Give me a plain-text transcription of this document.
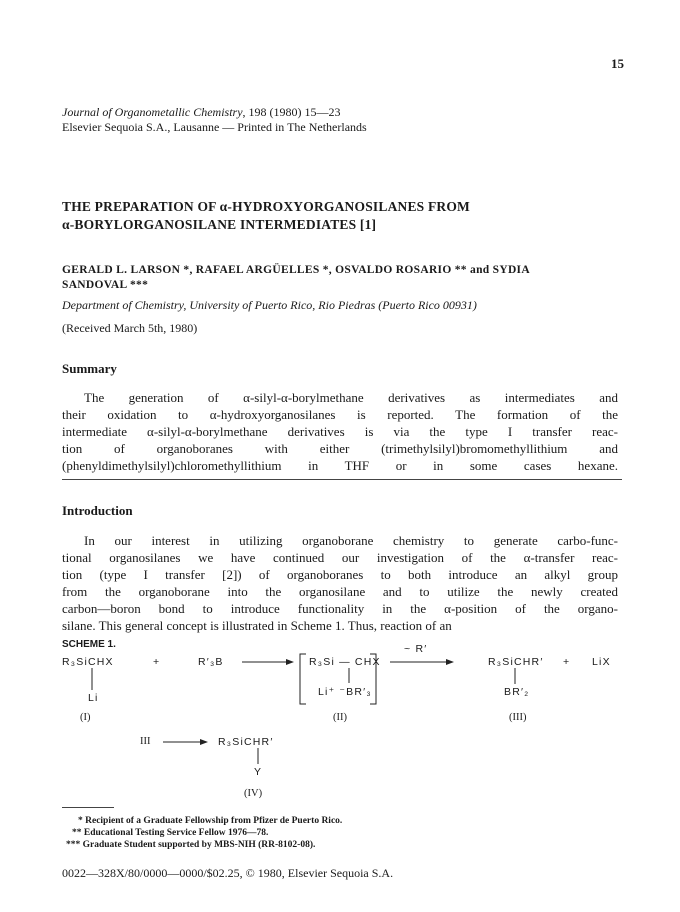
15
Journal of Organometallic Chemistry, 198 (1980) 15—23
Elsevier Sequoia S.A., Lausanne — Printed in The Netherlands
THE PREPARATION OF α-HYDROXYORGANOSILANES FROM
α-BORYLORGANOSILANE INTERMEDIATES [1]
GERALD L. LARSON *, RAFAEL ARGÜELLES *, OSVALDO ROSARIO ** and SYDIA
SANDOVAL ***
Department of Chemistry, University of Puerto Rico, Rio Piedras (Puerto Rico 00931)
(Received March 5th, 1980)
Summary
The generation of α-silyl-α-borylmethane derivatives as intermediates and
their oxidation to α-hydroxyorganosilanes is reported. The formation of the
intermediate α-silyl-α-borylmethane derivatives is via the type I transfer reac-
tion of organoboranes with either (trimethylsilyl)bromomethyllithium and
(phenyldimethylsilyl)chloromethyllithium in THF or in some cases hexane.
Introduction
In our interest in utilizing organoborane chemistry to generate carbo-func-
tional organosilanes we have continued our investigation of the α-transfer reac-
tion (type I transfer [2]) of organoboranes to both introduce an alkyl group
from the organoborane into the organosilane and to utilize the newly created
carbon—boron bond to introduce functionality in the α-position of the organo-
silane. This general concept is illustrated in Scheme 1. Thus, reaction of an
SCHEME 1.
R₃SiCHX
Li
+	R′₃B	R₃Si — CHX
Li⁺ ⁻BR′₃
~ R′
R₃SiCHR′
BR′₂
+ LiX
(I)	(II)	(III)
III	R₃SiCHR′
Y
(IV)
* Recipient of a Graduate Fellowship from Pfizer de Puerto Rico.
** Educational Testing Service Fellow 1976—78.
*** Graduate Student supported by MBS-NIH (RR-8102-08).
0022—328X/80/0000—0000/$02.25, © 1980, Elsevier Sequoia S.A.
